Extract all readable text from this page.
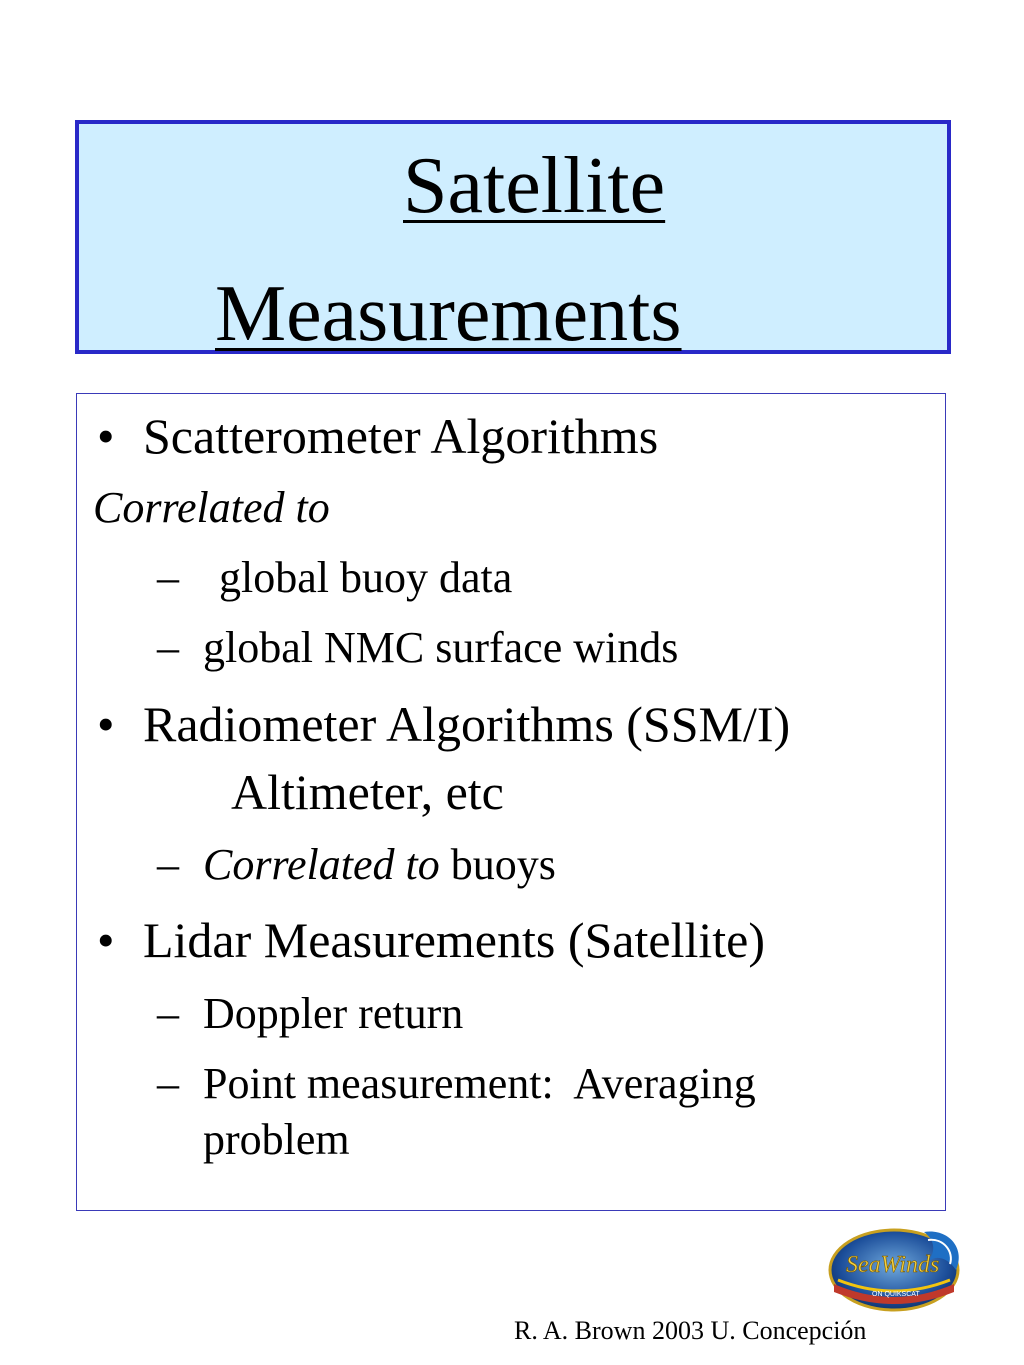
Satellite
Measurements
• Scatterometer Algorithms
Correlated to
– global buoy data
– global NMC surface winds
• Radiometer Algorithms (SSM/I)
Altimeter, etc
– Correlated to buoys
• Lidar Measurements (Satellite)
– Doppler return
– Point measurement:  Averaging
problem
SeaWinds
ON QUIKSCAT
R. A. Brown 2003 U. Concepción
